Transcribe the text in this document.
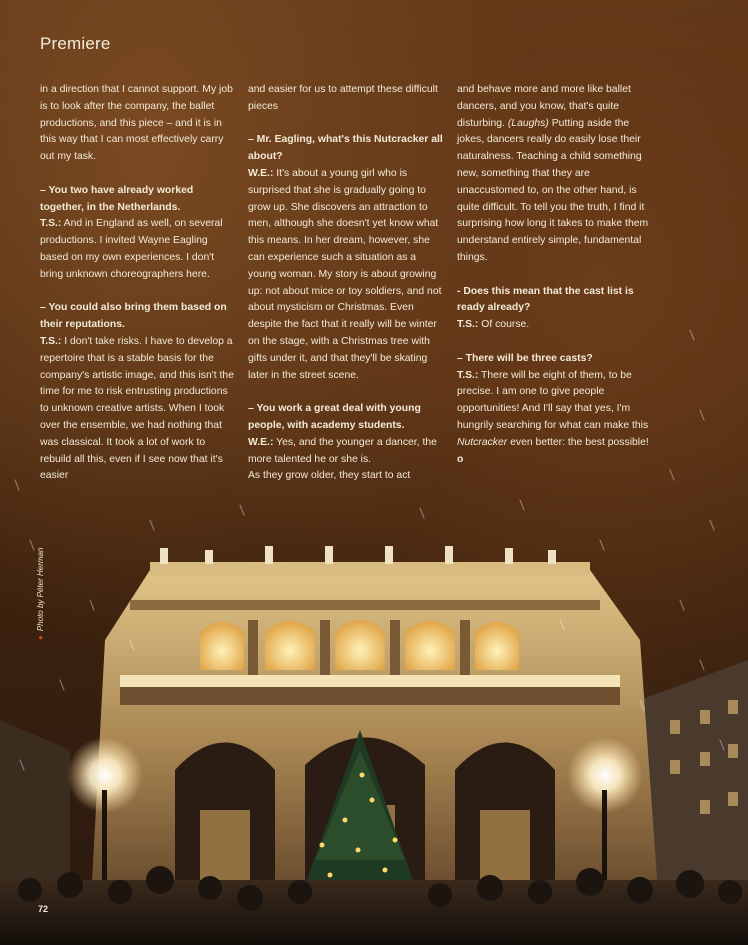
Premiere

in a direction that I cannot support. My job is to look after the company, the ballet productions, and this piece – and it is in this way that I can most effectively carry out my task.

– You two have already worked together, in the Netherlands.

T.S.: And in England as well, on several productions. I invited Wayne Eagling based on my own experiences. I don't bring unknown choreographers here.

– You could also bring them based on their reputations.

T.S.: I don't take risks. I have to develop a repertoire that is a stable basis for the company's artistic image, and this isn't the time for me to risk entrusting productions to unknown creative artists. When I took over the ensemble, we had nothing that was classical. It took a lot of work to rebuild all this, even if I see now that it's easier

and easier for us to attempt these difficult pieces

– Mr. Eagling, what's this Nutcracker all about?

W.E.: It's about a young girl who is surprised that she is gradually going to grow up. She discovers an attraction to men, although she doesn't yet know what this means. In her dream, however, she can experience such a situation as a young woman. My story is about growing up: not about mice or toy soldiers, and not about mysticism or Christmas. Even despite the fact that it really will be winter on the stage, with a Christmas tree with gifts under it, and that they'll be skating later in the street scene.

– You work a great deal with young people, with academy students.

W.E.: Yes, and the younger a dancer, the more talented he or she is.

As they grow older, they start to act

and behave more and more like ballet dancers, and you know, that's quite disturbing. (Laughs) Putting aside the jokes, dancers really do easily lose their naturalness. Teaching a child something new, something that they are unaccustomed to, on the other hand, is quite difficult. To tell you the truth, I find it surprising how long it takes to make them understand entirely simple, fundamental things.

- Does this mean that the cast list is ready already?

T.S.: Of course.

– There will be three casts?

T.S.: There will be eight of them, to be precise. I am one to give people opportunities! And I'll say that yes, I'm hungrily searching for what can make this Nutcracker even better: the best possible! o

●Photo by Péter Herman
72
